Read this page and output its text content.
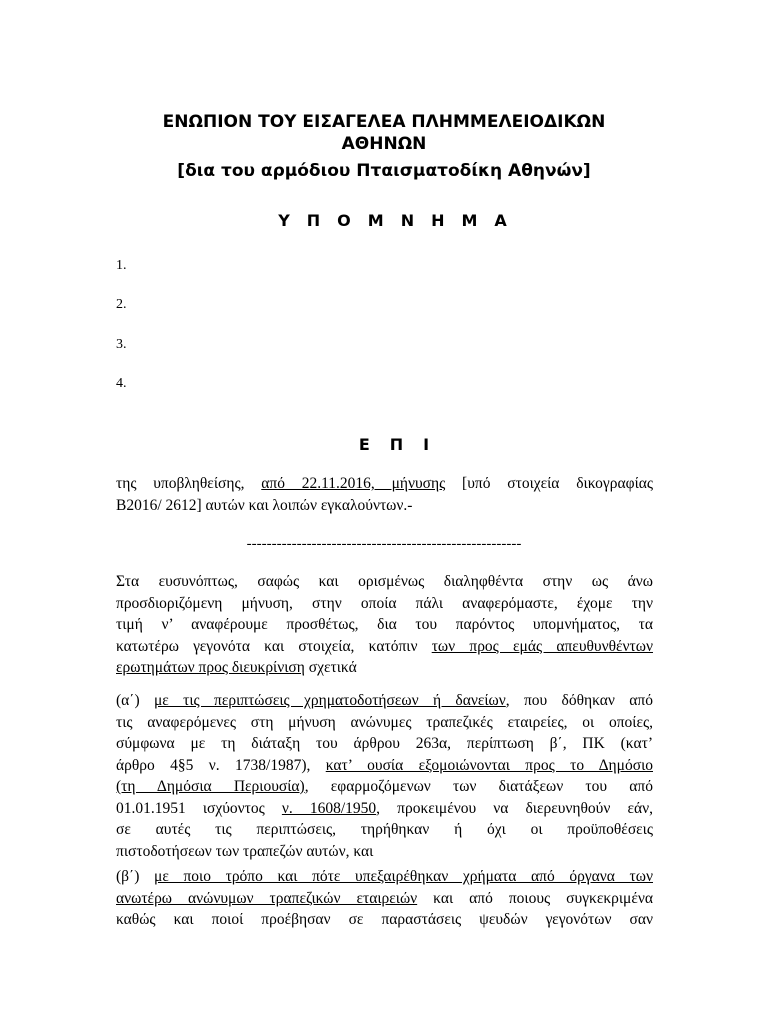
ΕΝΩΠΙΟΝ ΤΟΥ ΕΙΣΑΓΕΛΕΑ ΠΛΗΜΜΕΛΕΙΟΔΙΚΩΝ
ΑΘΗΝΩΝ
[δια του αρμόδιου Πταισματοδίκη Αθηνών]
ΥΠΟΜΝΗΜΑ
1.
2.
3.
4.
ΕΠΙ
της υποβληθείσης, από 22.11.2016, μήνυσης [υπό στοιχεία δικογραφίας
Β2016/ 2612] αυτών και λοιπών εγκαλούντων.-
-------------------------------------------------------
Στα ευσυνόπτως, σαφώς και ορισμένως διαληφθέντα στην ως άνω
προσδιοριζόμενη μήνυση, στην οποία πάλι αναφερόμαστε, έχομε την
τιμή ν’ αναφέρουμε προσθέτως, δια του παρόντος υπομνήματος, τα
κατωτέρω γεγονότα και στοιχεία, κατόπιν των προς εμάς απευθυνθέντων
ερωτημάτων προς διευκρίνιση σχετικά
(α΄) με τις περιπτώσεις χρηματοδοτήσεων ή δανείων, που δόθηκαν από
τις αναφερόμενες στη μήνυση ανώνυμες τραπεζικές εταιρείες, οι οποίες,
σύμφωνα με τη διάταξη του άρθρου 263α, περίπτωση β΄, ΠΚ (κατ’
άρθρο 4§5 ν. 1738/1987), κατ’ ουσία εξομοιώνονται προς το Δημόσιο
(τη Δημόσια Περιουσία), εφαρμοζόμενων των διατάξεων του από
01.01.1951 ισχύοντος ν. 1608/1950, προκειμένου να διερευνηθούν εάν,
σε αυτές τις περιπτώσεις, τηρήθηκαν ή όχι οι προϋποθέσεις
πιστοδοτήσεων των τραπεζών αυτών, και
(β΄) με ποιο τρόπο και πότε υπεξαιρέθηκαν χρήματα από όργανα των
ανωτέρω ανώνυμων τραπεζικών εταιρειών και από ποιους συγκεκριμένα
καθώς και ποιοί προέβησαν σε παραστάσεις ψευδών γεγονότων σαν
